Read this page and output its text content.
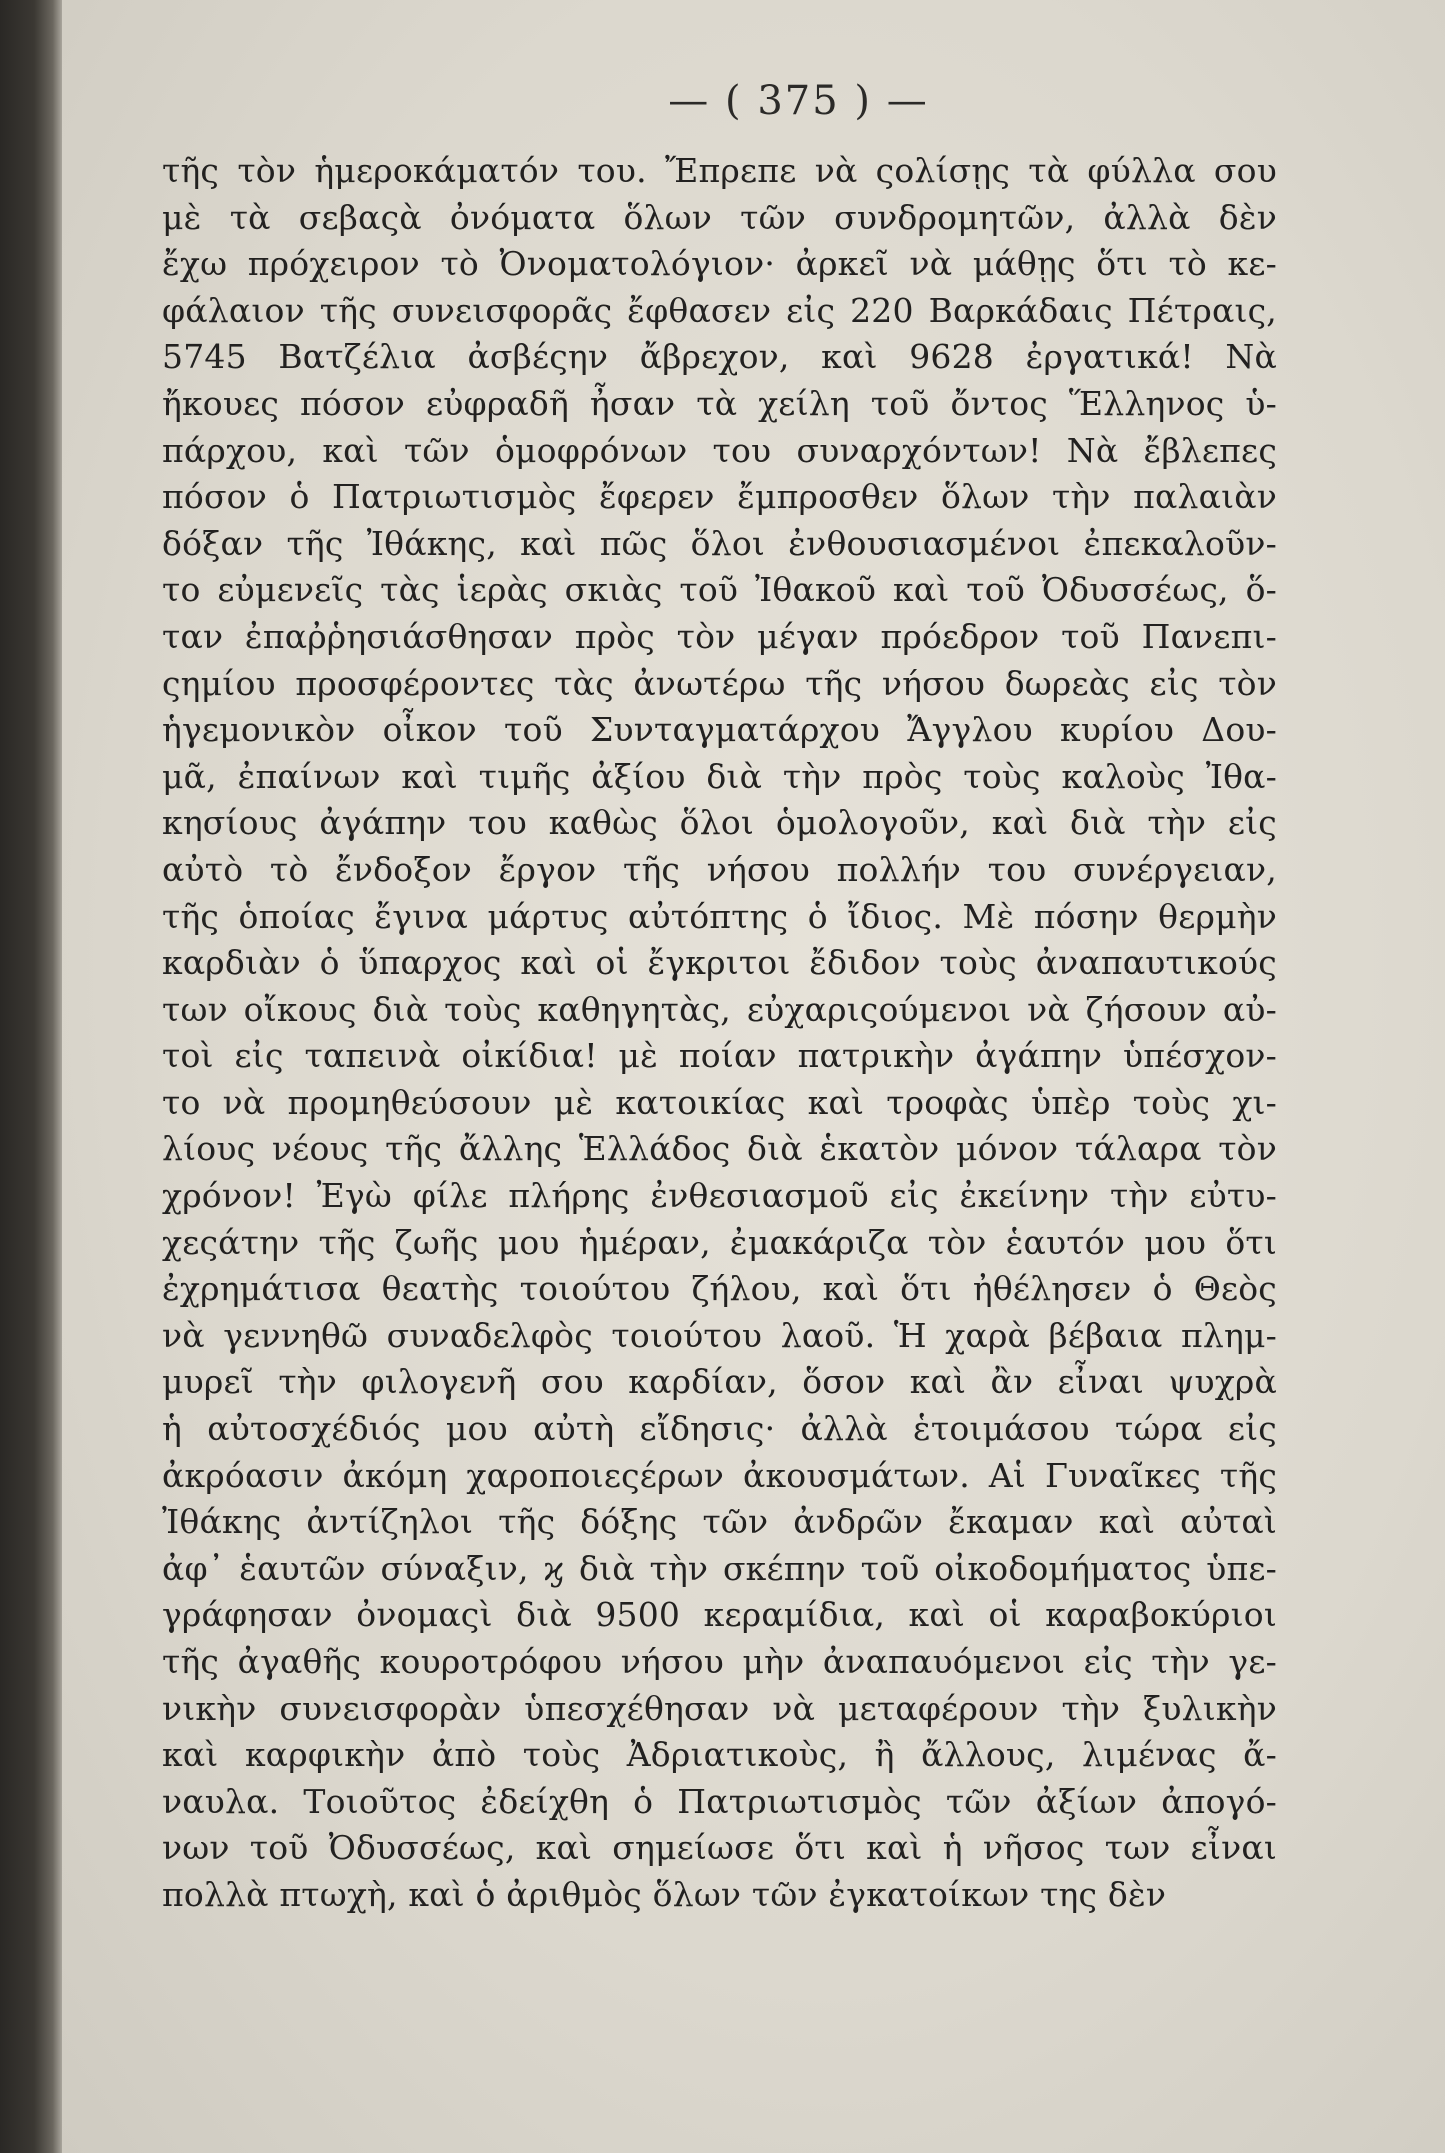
— ( 375 ) —
τῆς τὸν ἡμεροκάματόν του. Ἔπρεπε νὰ ςολίσῃς τὰ φύλλα σου
μὲ τὰ σεβαςὰ ὀνόματα ὅλων τῶν συνδρομητῶν, ἀλλὰ δὲν
ἔχω πρόχειρον τὸ Ὀνοματολόγιον· ἀρκεῖ νὰ μάθῃς ὅτι τὸ κε-
φάλαιον τῆς συνεισφορᾶς ἔφθασεν εἰς 220 Βαρκάδαις Πέτραις,
5745 Βατζέλια ἀσβέςην ἄβρεχον, καὶ 9628 ἐργατικά! Νὰ
ἤκουες πόσον εὐφραδῆ ἦσαν τὰ χείλη τοῦ ὄντος Ἕλληνος ὑ-
πάρχου, καὶ τῶν ὁμοφρόνων του συναρχόντων! Νὰ ἔβλεπες
πόσον ὁ Πατριωτισμὸς ἔφερεν ἔμπροσθεν ὅλων τὴν παλαιὰν
δόξαν τῆς Ἰθάκης, καὶ πῶς ὅλοι ἐνθουσιασμένοι ἐπεκαλοῦν-
το εὐμενεῖς τὰς ἱερὰς σκιὰς τοῦ Ἰθακοῦ καὶ τοῦ Ὀδυσσέως, ὅ-
ταν ἐπαῤῥησιάσθησαν πρὸς τὸν μέγαν πρόεδρον τοῦ Πανεπι-
ςημίου προσφέροντες τὰς ἀνωτέρω τῆς νήσου δωρεὰς εἰς τὸν
ἡγεμονικὸν οἶκον τοῦ Συνταγματάρχου Ἄγγλου κυρίου Δου-
μᾶ, ἐπαίνων καὶ τιμῆς ἀξίου διὰ τὴν πρὸς τοὺς καλοὺς Ἰθα-
κησίους ἀγάπην του καθὼς ὅλοι ὁμολογοῦν, καὶ διὰ τὴν εἰς
αὐτὸ τὸ ἔνδοξον ἔργον τῆς νήσου πολλήν του συνέργειαν,
τῆς ὁποίας ἔγινα μάρτυς αὐτόπτης ὁ ἴδιος. Μὲ πόσην θερμὴν
καρδιὰν ὁ ὕπαρχος καὶ οἱ ἔγκριτοι ἔδιδον τοὺς ἀναπαυτικούς
των οἴκους διὰ τοὺς καθηγητὰς, εὐχαριςούμενοι νὰ ζήσουν αὐ-
τοὶ εἰς ταπεινὰ οἰκίδια! μὲ ποίαν πατρικὴν ἀγάπην ὑπέσχον-
το νὰ προμηθεύσουν μὲ κατοικίας καὶ τροφὰς ὑπὲρ τοὺς χι-
λίους νέους τῆς ἄλλης Ἑλλάδος διὰ ἑκατὸν μόνον τάλαρα τὸν
χρόνον! Ἐγὼ φίλε πλήρης ἐνθεσιασμοῦ εἰς ἐκείνην τὴν εὐτυ-
χεςάτην τῆς ζωῆς μου ἡμέραν, ἐμακάριζα τὸν ἑαυτόν μου ὅτι
ἐχρημάτισα θεατὴς τοιούτου ζήλου, καὶ ὅτι ἠθέλησεν ὁ Θεὸς
νὰ γεννηθῶ συναδελφὸς τοιούτου λαοῦ. Ἡ χαρὰ βέβαια πλημ-
μυρεῖ τὴν φιλογενῆ σου καρδίαν, ὅσον καὶ ἂν εἶναι ψυχρὰ
ἡ αὐτοσχέδιός μου αὐτὴ εἴδησις· ἀλλὰ ἑτοιμάσου τώρα εἰς
ἀκρόασιν ἀκόμη χαροποιεςέρων ἀκουσμάτων. Αἱ Γυναῖκες τῆς
Ἰθάκης ἀντίζηλοι τῆς δόξης τῶν ἀνδρῶν ἔκαμαν καὶ αὐταὶ
ἀφ᾽ ἑαυτῶν σύναξιν, ϗ διὰ τὴν σκέπην τοῦ οἰκοδομήματος ὑπε-
γράφησαν ὀνομαςὶ διὰ 9500 κεραμίδια, καὶ οἱ καραβοκύριοι
τῆς ἀγαθῆς κουροτρόφου νήσου μὴν ἀναπαυόμενοι εἰς τὴν γε-
νικὴν συνεισφορὰν ὑπεσχέθησαν νὰ μεταφέρουν τὴν ξυλικὴν
καὶ καρφικὴν ἀπὸ τοὺς Ἀδριατικοὺς, ἢ ἄλλους, λιμένας ἄ-
ναυλα. Τοιοῦτος ἐδείχθη ὁ Πατριωτισμὸς τῶν ἀξίων ἀπογό-
νων τοῦ Ὀδυσσέως, καὶ σημείωσε ὅτι καὶ ἡ νῆσος των εἶναι
πολλὰ πτωχὴ, καὶ ὁ ἀριθμὸς ὅλων τῶν ἐγκατοίκων της δὲν
